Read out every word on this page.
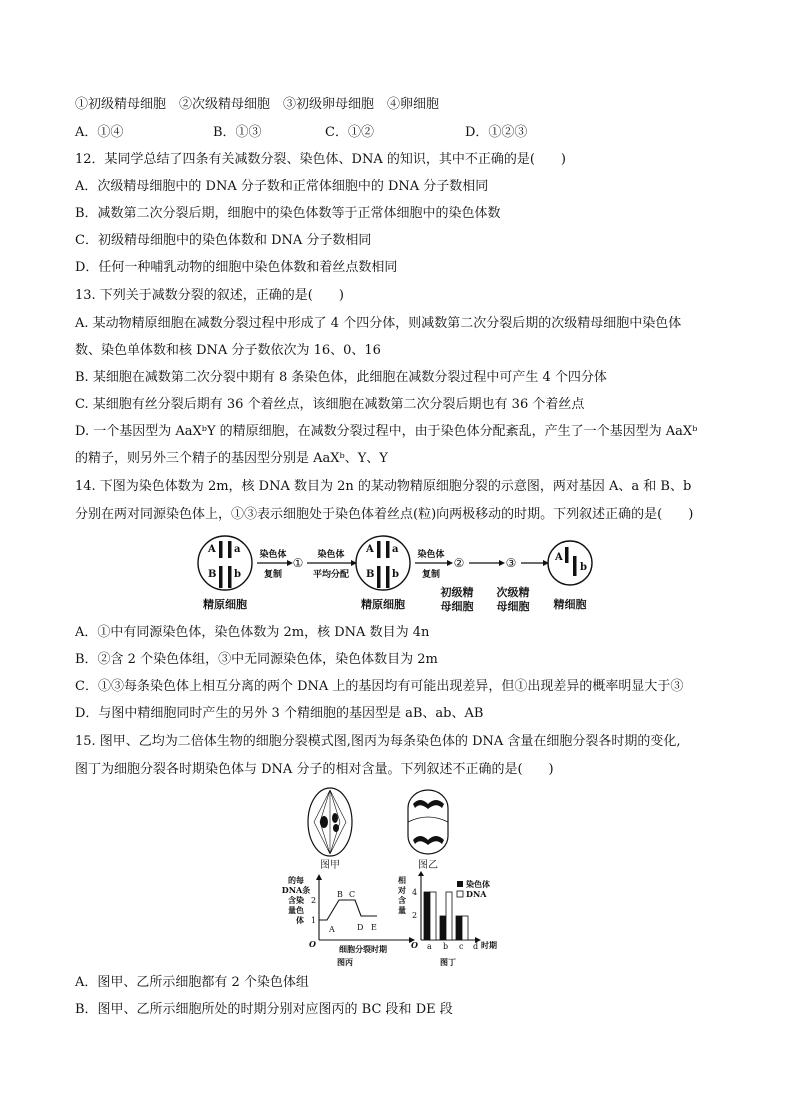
①初级精母细胞　②次级精母细胞　③初级卵母细胞　④卵细胞
A．①④	B．①③	C．①②	D．①②③
12．某同学总结了四条有关减数分裂、染色体、DNA 的知识，其中不正确的是(　　)
A．次级精母细胞中的 DNA 分子数和正常体细胞中的 DNA 分子数相同
B．减数第二次分裂后期，细胞中的染色体数等于正常体细胞中的染色体数
C．初级精母细胞中的染色体数和 DNA 分子数相同
D．任何一种哺乳动物的细胞中染色体数和着丝点数相同
13. 下列关于减数分裂的叙述，正确的是(　　)
A. 某动物精原细胞在减数分裂过程中形成了 4 个四分体，则减数第二次分裂后期的次级精母细胞中染色体
数、染色单体数和核 DNA 分子数依次为 16、0、16
B. 某细胞在减数第二次分裂中期有 8 条染色体，此细胞在减数分裂过程中可产生 4 个四分体
C. 某细胞有丝分裂后期有 36 个着丝点，该细胞在减数第二次分裂后期也有 36 个着丝点
D. 一个基因型为 AaXᵇY 的精原细胞，在减数分裂过程中，由于染色体分配紊乱，产生了一个基因型为 AaXᵇ
的精子，则另外三个精子的基因型分别是 AaXᵇ、Y、Y
14. 下图为染色体数为 2m，核 DNA 数目为 2n 的某动物精原细胞分裂的示意图，两对基因 A、a 和 B、b
分别在两对同源染色体上，①③表示细胞处于染色体着丝点(粒)向两极移动的时期。下列叙述正确的是(　　)
A a
B b
A a
B b
A
b
染色体
复制
染色体
平均分配
染色体
复制
①	②	③
精原细胞	精原细胞
初级精
母细胞
次级精
母细胞 精细胞
A．①中有同源染色体，染色体数为 2m，核 DNA 数目为 4n
B．②含 2 个染色体组，③中无同源染色体，染色体数目为 2m
C．①③每条染色体上相互分离的两个 DNA 上的基因均有可能出现差异，但①出现差异的概率明显大于③
D．与图中精细胞同时产生的另外 3 个精细胞的基因型是 aB、ab、AB
15. 图甲、乙均为二倍体生物的细胞分裂模式图,图丙为每条染色体的 DNA 含量在细胞分裂各时期的变化,
图丁为细胞分裂各时期染色体与 DNA 分子的相对含量。下列叙述不正确的是(　　)
图甲	图乙
的每
DNA条
含染
量色
体
2
1
O
A
B C
D E
细胞分裂时期
图丙
相
对
含
量
4
2
O a b c d 时期
染色体
DNA
图丁
A．图甲、乙所示细胞都有 2 个染色体组
B．图甲、乙所示细胞所处的时期分别对应图丙的 BC 段和 DE 段
